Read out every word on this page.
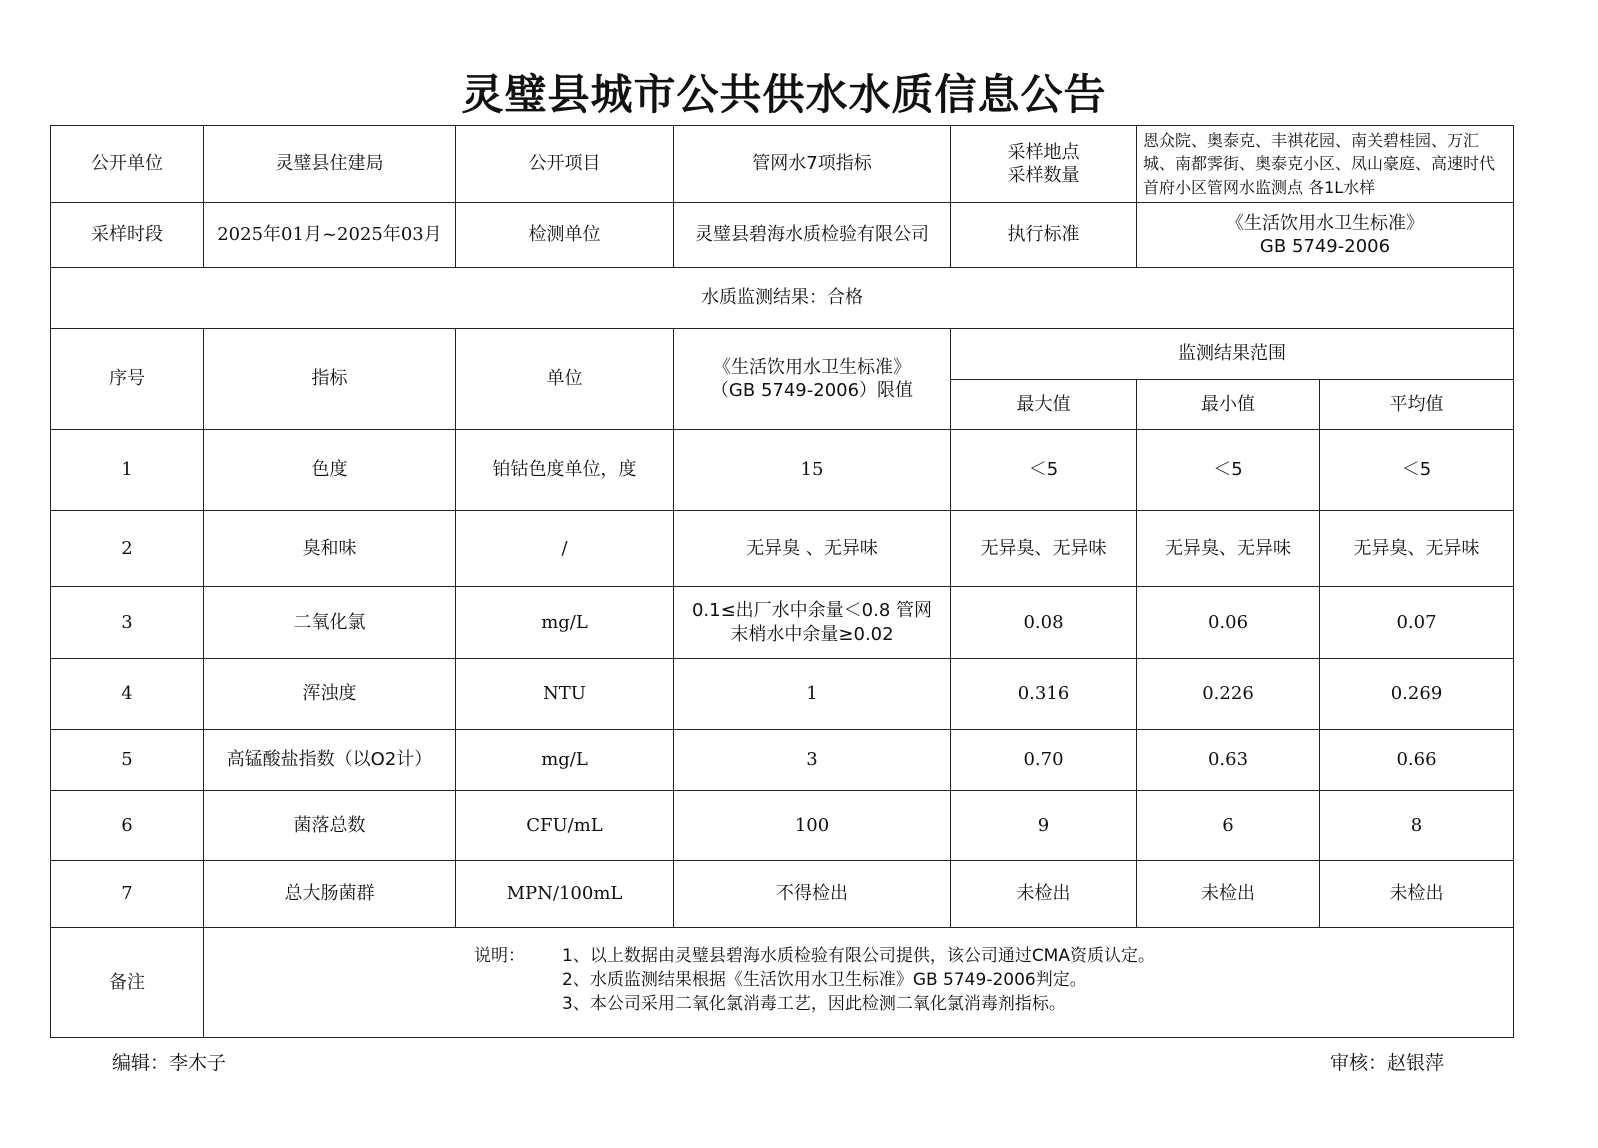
灵璧县城市公共供水水质信息公告
公开单位	灵璧县住建局	公开项目	管网水7项指标	采样地点
采样数量	恩众院、奥泰克、丰祺花园、南关碧桂园、万汇城、南都霁街、奥泰克小区、凤山豪庭、高速时代首府小区管网水监测点 各1L水样	
采样时段	2025年01月~2025年03月	检测单位	灵璧县碧海水质检验有限公司	执行标准	《生活饮用水卫生标准》
GB 5749-2006	

水质监测结果：合格						
序号	指标	单位	《生活饮用水卫生标准》
（GB 5749-2006）限值	监测结果范围		
				最大值	最小值	平均值
1	色度	铂钴色度单位，度	15	＜5	＜5	＜5
2	臭和味	/	无异臭 、无异味	无异臭、无异味	无异臭、无异味	无异臭、无异味
3	二氧化氯	mg/L	0.1≤出厂水中余量＜0.8 管网
末梢水中余量≥0.02	0.08	0.06	0.07
4	浑浊度	NTU	1	0.316	0.226	0.269
5	高锰酸盐指数（以O2计）	mg/L	3	0.70	0.63	0.66
6	菌落总数	CFU/mL	100	9	6	8
7	总大肠菌群	MPN/100mL	不得检出	未检出	未检出	未检出
备注	说明： 1、以上数据由灵璧县碧海水质检验有限公司提供，该公司通过CMA资质认定。
2、水质监测结果根据《生活饮用水卫生标准》GB 5749-2006判定。
3、本公司采用二氧化氯消毒工艺，因此检测二氧化氯消毒剂指标。					
编辑：李木子	审核：赵银萍
